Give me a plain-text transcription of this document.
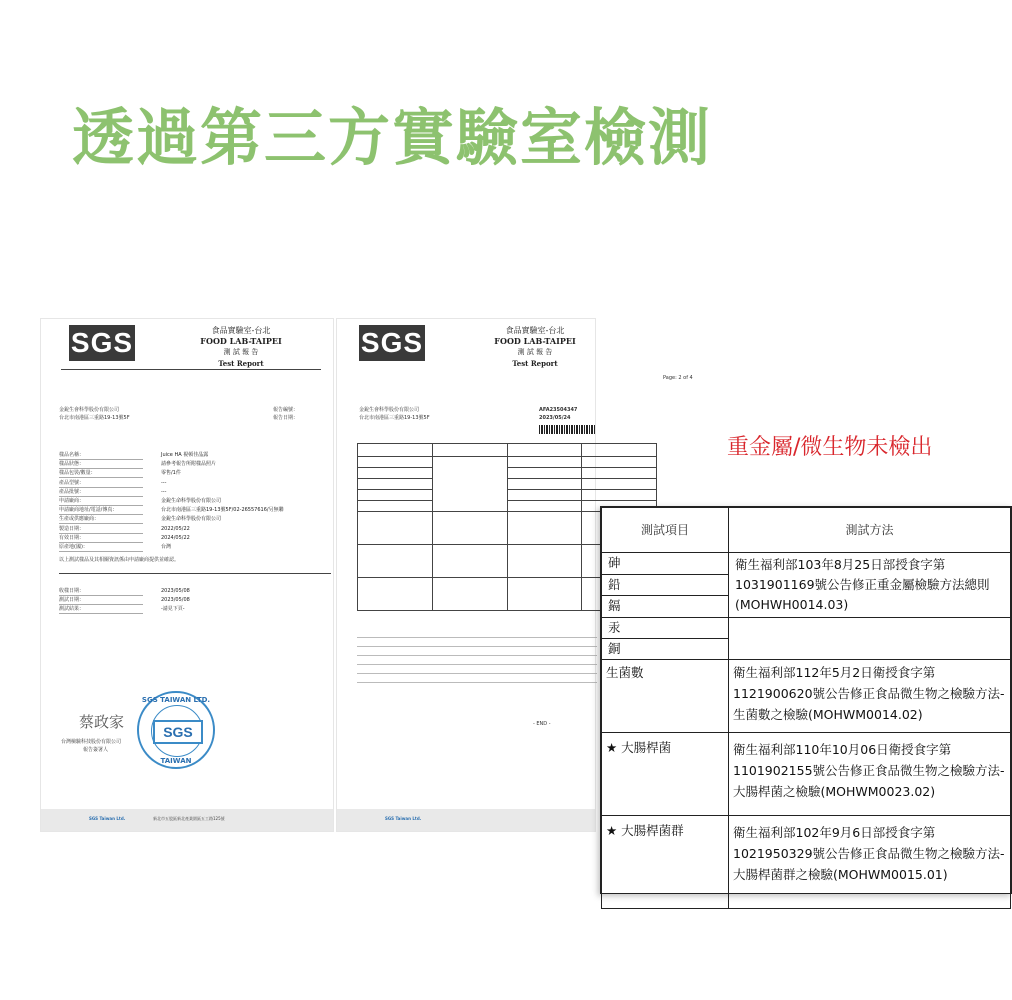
透過第三方實驗室檢測
SGS	食品實驗室-台北
FOOD LAB-TAIPEI
測 試 報 告
Test Report
金銳生會科學股份有限公司
台北市南港區三重路19-13號5F
報告編號：
報告日期：
樣品名稱：	Juice HA 視頓佳晶露
樣品狀態：	請參考報告所附樣品照片
樣品包裝/數量：	零售/1件
產品型號：	---
產品批號：	---
申請廠商：	金銳生命科學股份有限公司
申請廠商地址/電話/傳真：	台北市南港區三重路19-13號5F/02-26557616/另無聯
生產或供應廠商：	金銳生命科學股份有限公司
製造日期：	2022/05/22
有效日期：	2024/05/22
原產地(國)：	台灣
以上測試樣品及其相關資訊係由申請廠商提供並確認。
收樣日期：	2023/05/08
測試日期：	2023/05/08
測試結果：	-請見下頁-
蔡政家
台灣檢驗科技股份有限公司
報告簽署人
SGS TAIWAN LTD.
SGS
TAIWAN
SGS Taiwan Ltd.	新北市五股區新北產業園區五工路125號
SGS	食品實驗室-台北
FOOD LAB-TAIPEI
測 試 報 告
Test Report
Page: 2 of 4
金銳生會科學股份有限公司
台北市南港區三重路19-13號5F
AFA23504347
2023/05/24

- END -
SGS Taiwan Ltd.
重金屬/微生物未檢出
測試項目	測試方法
砷	衛生福利部103年8月25日部授食字第
1031901169號公告修正重金屬檢驗方法總則
(MOHWH0014.03)

鉛	
鎘	
汞	
銅	
生菌數	衛生福利部112年5月2日衛授食字第
1121900620號公告修正食品微生物之檢驗方法-
生菌數之檢驗(MOHWM0014.02)

★ 大腸桿菌	衛生福利部110年10月06日衛授食字第
1101902155號公告修正食品微生物之檢驗方法-
大腸桿菌之檢驗(MOHWM0023.02)

★ 大腸桿菌群	衛生福利部102年9月6日部授食字第
1021950329號公告修正食品微生物之檢驗方法-
大腸桿菌群之檢驗(MOHWM0015.01)
